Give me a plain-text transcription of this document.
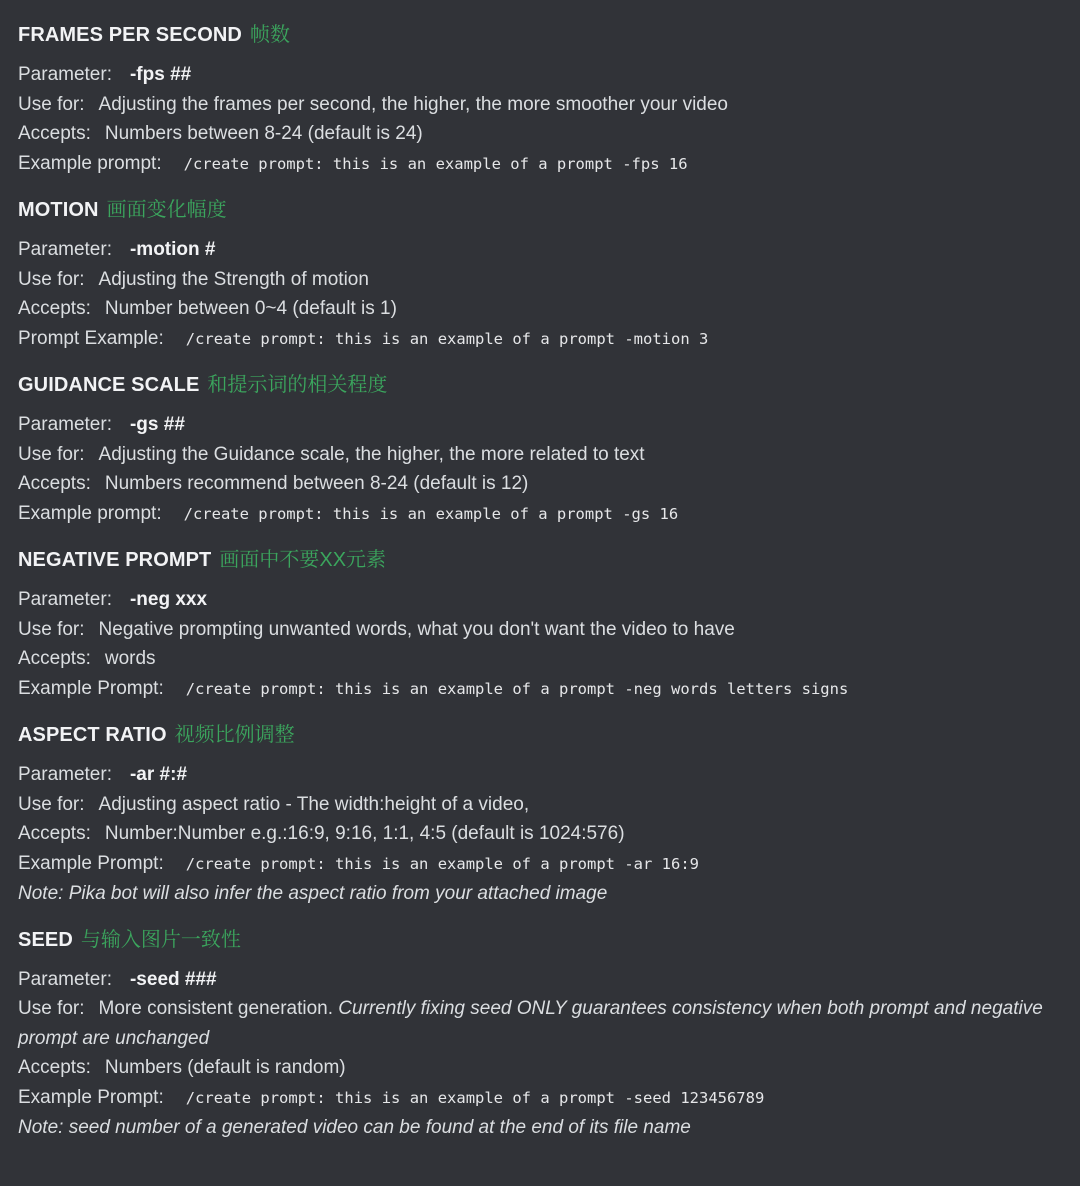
FRAMES PER SECOND 帧数
Parameter: -fps ##
Use for: Adjusting the frames per second, the higher, the more smoother your video
Accepts: Numbers between 8-24 (default is 24)
Example prompt: /create prompt: this is an example of a prompt -fps 16
MOTION 画面变化幅度
Parameter: -motion #
Use for: Adjusting the Strength of motion
Accepts: Number between 0~4 (default is 1)
Prompt Example: /create prompt: this is an example of a prompt -motion 3
GUIDANCE SCALE 和提示词的相关程度
Parameter: -gs ##
Use for: Adjusting the Guidance scale, the higher, the more related to text
Accepts: Numbers recommend between 8-24 (default is 12)
Example prompt: /create prompt: this is an example of a prompt -gs 16
NEGATIVE PROMPT 画面中不要XX元素
Parameter: -neg xxx
Use for: Negative prompting unwanted words, what you don't want the video to have
Accepts: words
Example Prompt: /create prompt: this is an example of a prompt -neg words letters signs
ASPECT RATIO 视频比例调整
Parameter: -ar #:#
Use for: Adjusting aspect ratio - The width:height of a video,
Accepts: Number:Number e.g.:16:9, 9:16, 1:1, 4:5 (default is 1024:576)
Example Prompt: /create prompt: this is an example of a prompt -ar 16:9
Note: Pika bot will also infer the aspect ratio from your attached image
SEED 与输入图片一致性
Parameter: -seed ###
Use for: More consistent generation. Currently fixing seed ONLY guarantees consistency when both prompt and negative prompt are unchanged
Accepts: Numbers (default is random)
Example Prompt: /create prompt: this is an example of a prompt -seed 123456789
Note: seed number of a generated video can be found at the end of its file name
